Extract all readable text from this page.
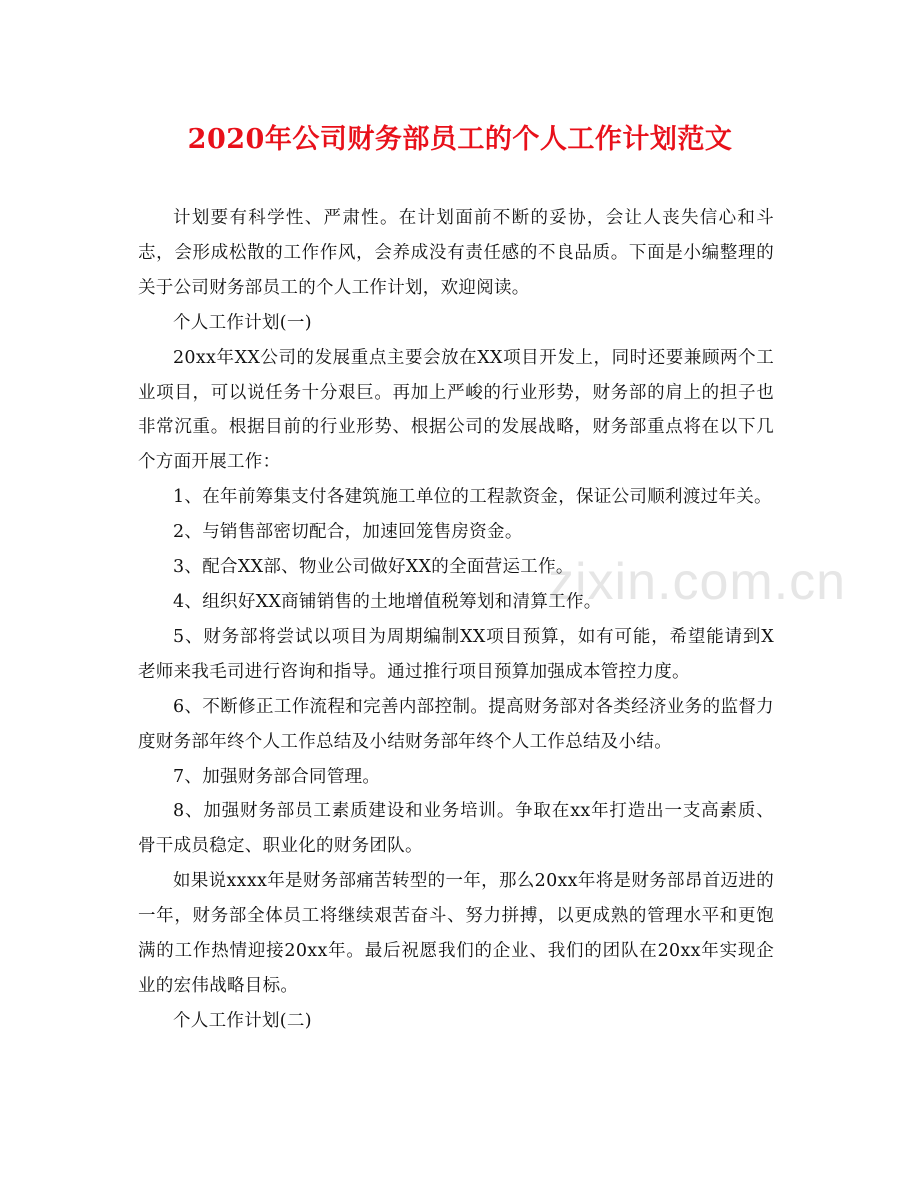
zixin.com.cn
2020年公司财务部员工的个人工作计划范文

计划要有科学性、严肃性。在计划面前不断的妥协，会让人丧失信心和斗志，会形成松散的工作作风，会养成没有责任感的不良品质。下面是小编整理的关于公司财务部员工的个人工作计划，欢迎阅读。

个人工作计划(一)

20xx年XX公司的发展重点主要会放在XX项目开发上，同时还要兼顾两个工业项目，可以说任务十分艰巨。再加上严峻的行业形势，财务部的肩上的担子也非常沉重。根据目前的行业形势、根据公司的发展战略，财务部重点将在以下几个方面开展工作：

1、在年前筹集支付各建筑施工单位的工程款资金，保证公司顺利渡过年关。

2、与销售部密切配合，加速回笼售房资金。

3、配合XX部、物业公司做好XX的全面营运工作。

4、组织好XX商铺销售的土地增值税筹划和清算工作。

5、财务部将尝试以项目为周期编制XX项目预算，如有可能，希望能请到X老师来我毛司进行咨询和指导。通过推行项目预算加强成本管控力度。

6、不断修正工作流程和完善内部控制。提高财务部对各类经济业务的监督力度财务部年终个人工作总结及小结财务部年终个人工作总结及小结。

7、加强财务部合同管理。

8、加强财务部员工素质建设和业务培训。争取在xx年打造出一支高素质、骨干成员稳定、职业化的财务团队。

如果说xxxx年是财务部痛苦转型的一年，那么20xx年将是财务部昂首迈进的一年，财务部全体员工将继续艰苦奋斗、努力拼搏，以更成熟的管理水平和更饱满的工作热情迎接20xx年。最后祝愿我们的企业、我们的团队在20xx年实现企业的宏伟战略目标。

个人工作计划(二)
